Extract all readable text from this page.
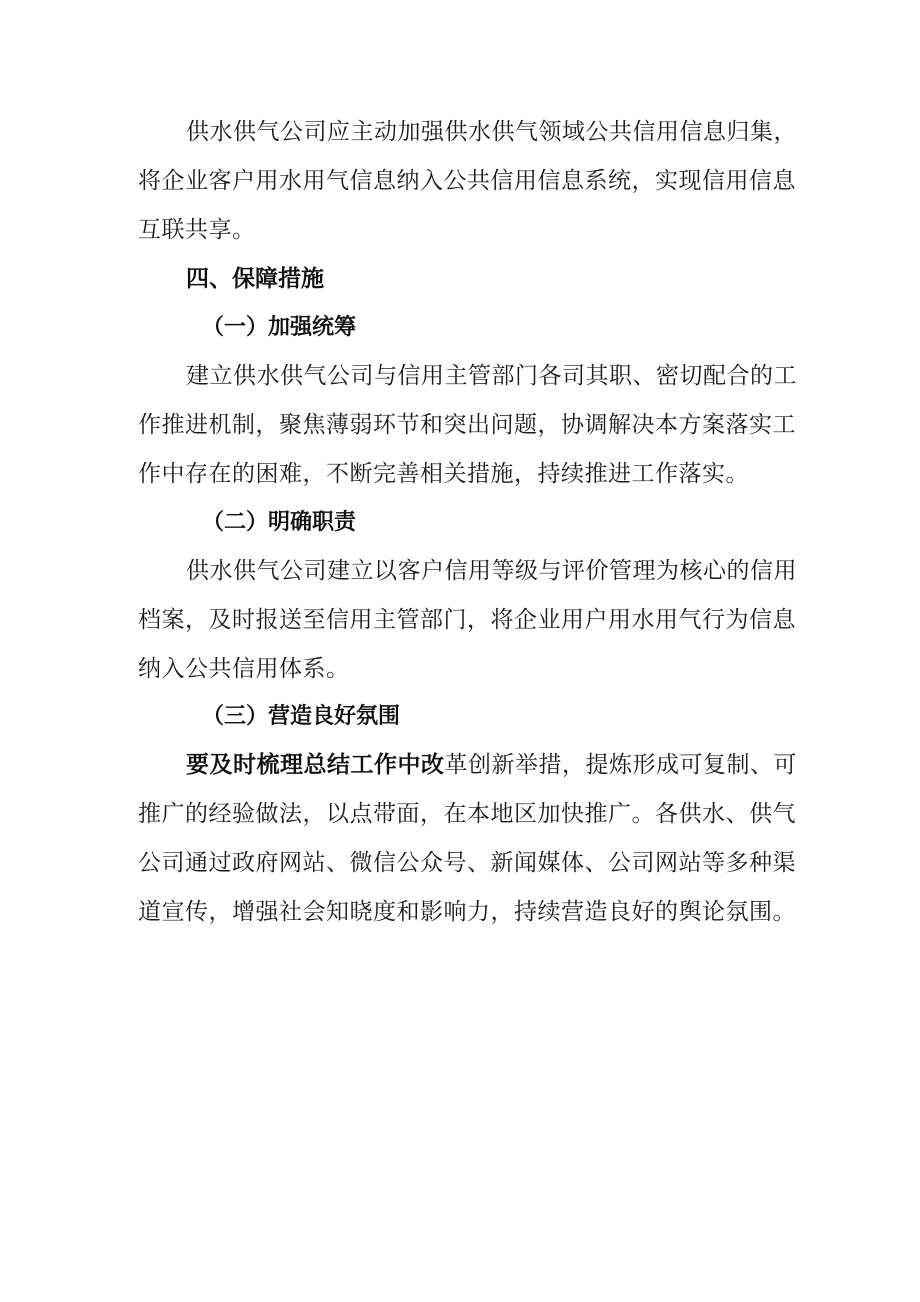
供水供气公司应主动加强供水供气领域公共信用信息归集，
将企业客户用水用气信息纳入公共信用信息系统，实现信用信息
互联共享。
四、保障措施
（一）加强统筹
建立供水供气公司与信用主管部门各司其职、密切配合的工
作推进机制，聚焦薄弱环节和突出问题，协调解决本方案落实工
作中存在的困难，不断完善相关措施，持续推进工作落实。
（二）明确职责
供水供气公司建立以客户信用等级与评价管理为核心的信用
档案，及时报送至信用主管部门，将企业用户用水用气行为信息
纳入公共信用体系。
（三）营造良好氛围
要及时梳理总结工作中改革创新举措，提炼形成可复制、可
推广的经验做法，以点带面，在本地区加快推广。各供水、供气
公司通过政府网站、微信公众号、新闻媒体、公司网站等多种渠
道宣传，增强社会知晓度和影响力，持续营造良好的舆论氛围。
